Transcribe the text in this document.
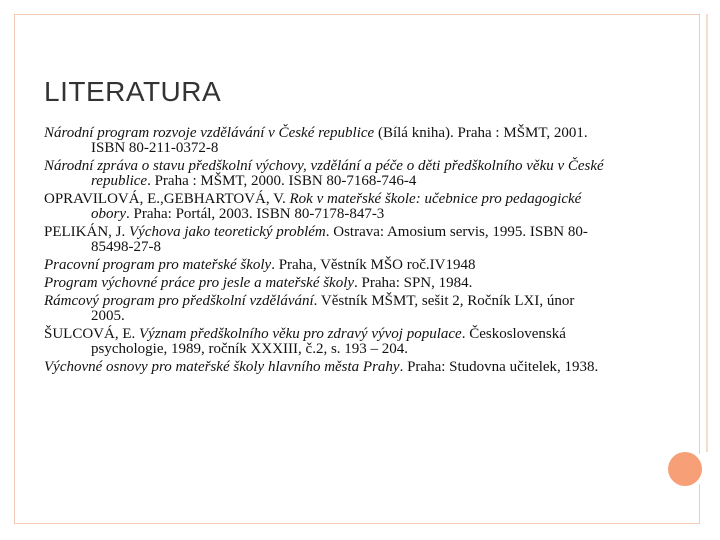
LITERATURA

Národní program rozvoje vzdělávání v České republice (Bílá kniha). Praha : MŠMT, 2001. ISBN 80-211-0372-8

Národní zpráva o stavu předškolní výchovy, vzdělání a péče o děti předškolního věku v České republice. Praha : MŠMT, 2000. ISBN 80-7168-746-4

OPRAVILOVÁ, E.,GEBHARTOVÁ, V. Rok v mateřské škole: učebnice pro pedagogické obory. Praha: Portál, 2003. ISBN 80-7178-847-3

PELIKÁN, J. Výchova jako teoretický problém. Ostrava: Amosium servis, 1995. ISBN 80-85498-27-8

Pracovní program pro mateřské školy. Praha, Věstník MŠO roč.IV1948

Program výchovné práce pro jesle a mateřské školy. Praha: SPN, 1984.

Rámcový program pro předškolní vzdělávání. Věstník MŠMT, sešit 2, Ročník LXI, únor 2005.

ŠULCOVÁ, E. Význam předškolního věku pro zdravý vývoj populace. Československá psychologie, 1989, ročník XXXIII, č.2, s. 193 – 204.

Výchovné osnovy pro mateřské školy hlavního města Prahy. Praha: Studovna učitelek, 1938.
